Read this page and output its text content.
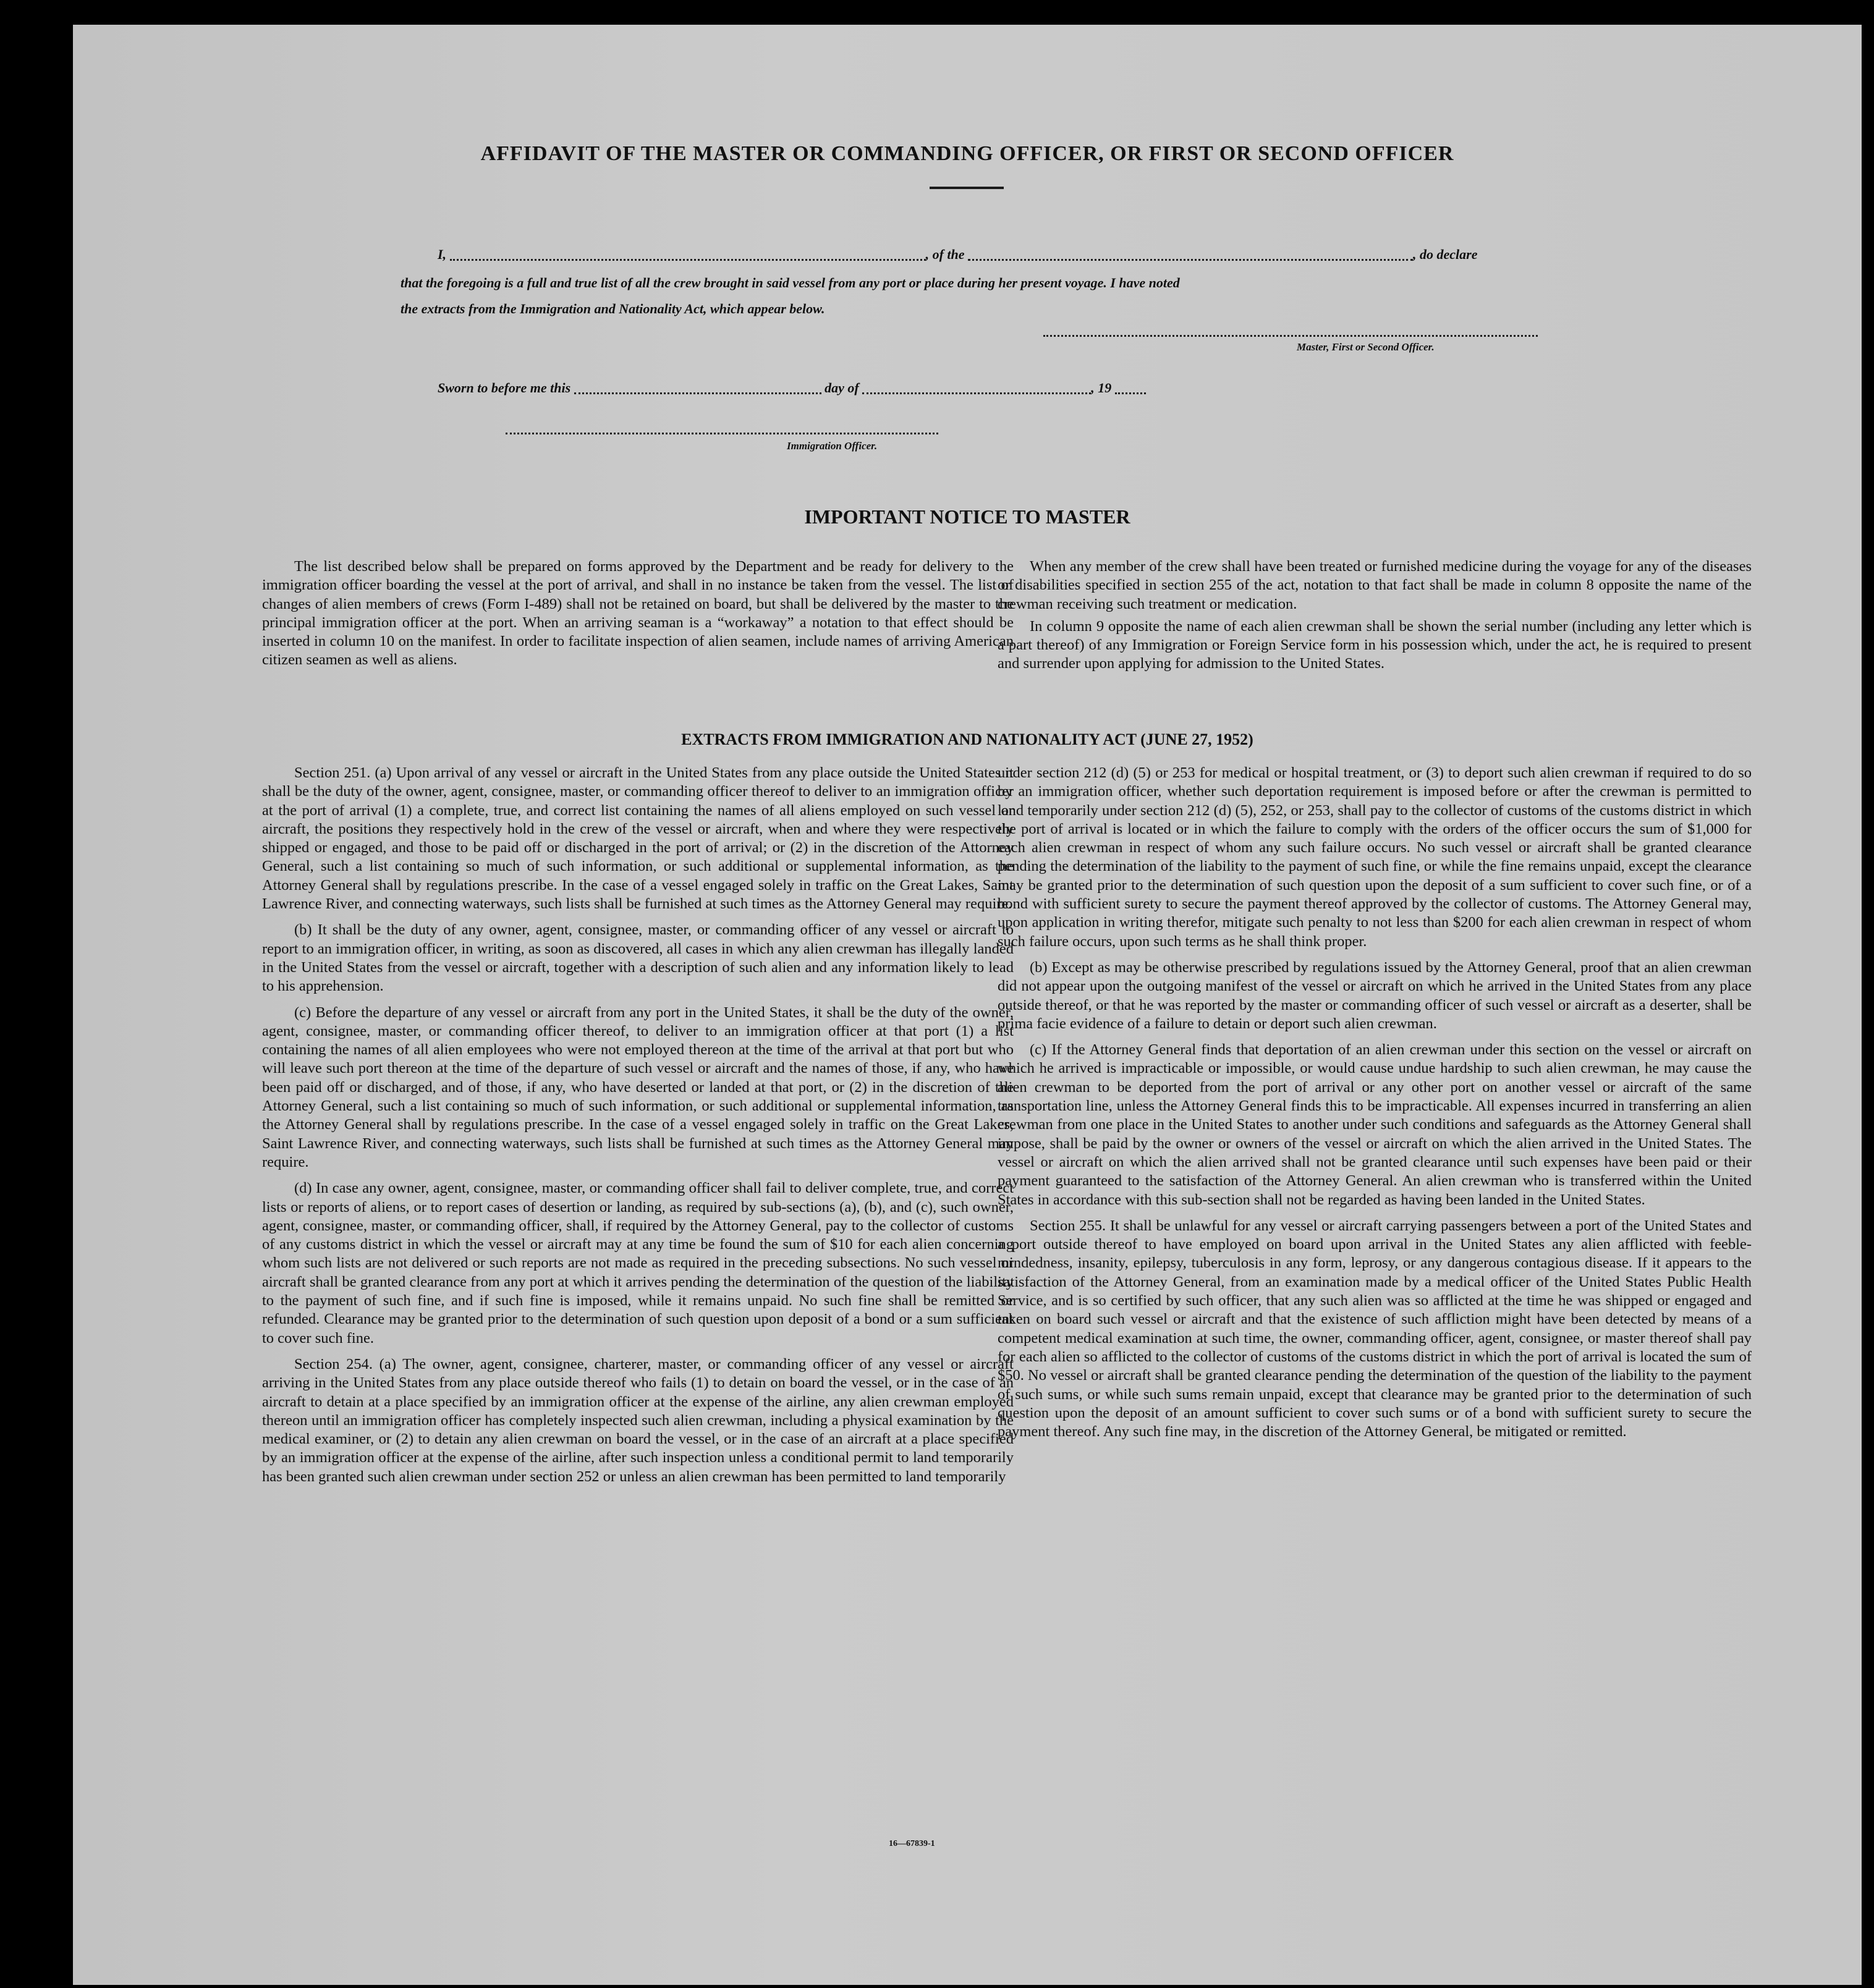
AFFIDAVIT OF THE MASTER OR COMMANDING OFFICER, OR FIRST OR SECOND OFFICER
I,	, of the	, do declare
that the foregoing is a full and true list of all the crew brought in said vessel from any port or place during her present voyage. I have noted
the extracts from the Immigration and Nationality Act, which appear below.
Master, First or Second Officer.
Sworn to before me this	day of	, 19
Immigration Officer.
IMPORTANT NOTICE TO MASTER

The list described below shall be prepared on forms approved by the Department and be ready for delivery to the immigration officer boarding the vessel at the port of arrival, and shall in no instance be taken from the vessel. The list of changes of alien members of crews (Form I-489) shall not be retained on board, but shall be delivered by the master to the principal immigration officer at the port. When an arriving seaman is a “workaway” a notation to that effect should be inserted in column 10 on the manifest. In order to facilitate inspection of alien seamen, include names of arriving American citizen seamen as well as aliens.

When any member of the crew shall have been treated or furnished medicine during the voyage for any of the diseases or disabilities specified in section 255 of the act, notation to that fact shall be made in column 8 opposite the name of the crewman receiving such treatment or medication.

In column 9 opposite the name of each alien crewman shall be shown the serial number (including any letter which is a part thereof) of any Immigration or Foreign Service form in his possession which, under the act, he is required to present and surrender upon applying for admission to the United States.

EXTRACTS FROM IMMIGRATION AND NATIONALITY ACT (JUNE 27, 1952)

Section 251. (a) Upon arrival of any vessel or aircraft in the United States from any place outside the United States it shall be the duty of the owner, agent, consignee, master, or commanding officer thereof to deliver to an immigration officer at the port of arrival (1) a complete, true, and correct list containing the names of all aliens employed on such vessel or aircraft, the positions they respectively hold in the crew of the vessel or aircraft, when and where they were respectively shipped or engaged, and those to be paid off or discharged in the port of arrival; or (2) in the discretion of the Attorney General, such a list containing so much of such information, or such additional or supplemental information, as the Attorney General shall by regulations prescribe. In the case of a vessel engaged solely in traffic on the Great Lakes, Saint Lawrence River, and connecting waterways, such lists shall be furnished at such times as the Attorney General may require.

(b) It shall be the duty of any owner, agent, consignee, master, or commanding officer of any vessel or aircraft to report to an immigration officer, in writing, as soon as discovered, all cases in which any alien crewman has illegally landed in the United States from the vessel or aircraft, together with a description of such alien and any information likely to lead to his apprehension.

(c) Before the departure of any vessel or aircraft from any port in the United States, it shall be the duty of the owner, agent, consignee, master, or commanding officer thereof, to deliver to an immigration officer at that port (1) a list containing the names of all alien employees who were not employed thereon at the time of the arrival at that port but who will leave such port thereon at the time of the departure of such vessel or aircraft and the names of those, if any, who have been paid off or discharged, and of those, if any, who have deserted or landed at that port, or (2) in the discretion of the Attorney General, such a list containing so much of such information, or such additional or supplemental information, as the Attorney General shall by regulations prescribe. In the case of a vessel engaged solely in traffic on the Great Lakes, Saint Lawrence River, and connecting waterways, such lists shall be furnished at such times as the Attorney General may require.

(d) In case any owner, agent, consignee, master, or commanding officer shall fail to deliver complete, true, and correct lists or reports of aliens, or to report cases of desertion or landing, as required by sub-sections (a), (b), and (c), such owner, agent, consignee, master, or commanding officer, shall, if required by the Attorney General, pay to the collector of customs of any customs district in which the vessel or aircraft may at any time be found the sum of $10 for each alien concerning whom such lists are not delivered or such reports are not made as required in the preceding subsections. No such vessel or aircraft shall be granted clearance from any port at which it arrives pending the determination of the question of the liability to the payment of such fine, and if such fine is imposed, while it remains unpaid. No such fine shall be remitted or refunded. Clearance may be granted prior to the determination of such question upon deposit of a bond or a sum sufficient to cover such fine.

Section 254. (a) The owner, agent, consignee, charterer, master, or commanding officer of any vessel or aircraft arriving in the United States from any place outside thereof who fails (1) to detain on board the vessel, or in the case of an aircraft to detain at a place specified by an immigration officer at the expense of the airline, any alien crewman employed thereon until an immigration officer has completely inspected such alien crewman, including a physical examination by the medical examiner, or (2) to detain any alien crewman on board the vessel, or in the case of an aircraft at a place specified by an immigration officer at the expense of the airline, after such inspection unless a conditional permit to land temporarily has been granted such alien crewman under section 252 or unless an alien crewman has been permitted to land temporarily

under section 212 (d) (5) or 253 for medical or hospital treatment, or (3) to deport such alien crewman if required to do so by an immigration officer, whether such deportation requirement is imposed before or after the crewman is permitted to land temporarily under section 212 (d) (5), 252, or 253, shall pay to the collector of customs of the customs district in which the port of arrival is located or in which the failure to comply with the orders of the officer occurs the sum of $1,000 for each alien crewman in respect of whom any such failure occurs. No such vessel or aircraft shall be granted clearance pending the determination of the liability to the payment of such fine, or while the fine remains unpaid, except the clearance may be granted prior to the determination of such question upon the deposit of a sum sufficient to cover such fine, or of a bond with sufficient surety to secure the payment thereof approved by the collector of customs. The Attorney General may, upon application in writing therefor, mitigate such penalty to not less than $200 for each alien crewman in respect of whom such failure occurs, upon such terms as he shall think proper.

(b) Except as may be otherwise prescribed by regulations issued by the Attorney General, proof that an alien crewman did not appear upon the outgoing manifest of the vessel or aircraft on which he arrived in the United States from any place outside thereof, or that he was reported by the master or commanding officer of such vessel or aircraft as a deserter, shall be prima facie evidence of a failure to detain or deport such alien crewman.

(c) If the Attorney General finds that deportation of an alien crewman under this section on the vessel or aircraft on which he arrived is impracticable or impossible, or would cause undue hardship to such alien crewman, he may cause the alien crewman to be deported from the port of arrival or any other port on another vessel or aircraft of the same transportation line, unless the Attorney General finds this to be impracticable. All expenses incurred in transferring an alien crewman from one place in the United States to another under such conditions and safeguards as the Attorney General shall impose, shall be paid by the owner or owners of the vessel or aircraft on which the alien arrived in the United States. The vessel or aircraft on which the alien arrived shall not be granted clearance until such expenses have been paid or their payment guaranteed to the satisfaction of the Attorney General. An alien crewman who is transferred within the United States in accordance with this sub-section shall not be regarded as having been landed in the United States.

Section 255. It shall be unlawful for any vessel or aircraft carrying passengers between a port of the United States and a port outside thereof to have employed on board upon arrival in the United States any alien afflicted with feeble-mindedness, insanity, epilepsy, tuberculosis in any form, leprosy, or any dangerous contagious disease. If it appears to the satisfaction of the Attorney General, from an examination made by a medical officer of the United States Public Health Service, and is so certified by such officer, that any such alien was so afflicted at the time he was shipped or engaged and taken on board such vessel or aircraft and that the existence of such affliction might have been detected by means of a competent medical examination at such time, the owner, commanding officer, agent, consignee, or master thereof shall pay for each alien so afflicted to the collector of customs of the customs district in which the port of arrival is located the sum of $50. No vessel or aircraft shall be granted clearance pending the determination of the question of the liability to the payment of such sums, or while such sums remain unpaid, except that clearance may be granted prior to the determination of such question upon the deposit of an amount sufficient to cover such sums or of a bond with sufficient surety to secure the payment thereof. Any such fine may, in the discretion of the Attorney General, be mitigated or remitted.

16—67839-1
